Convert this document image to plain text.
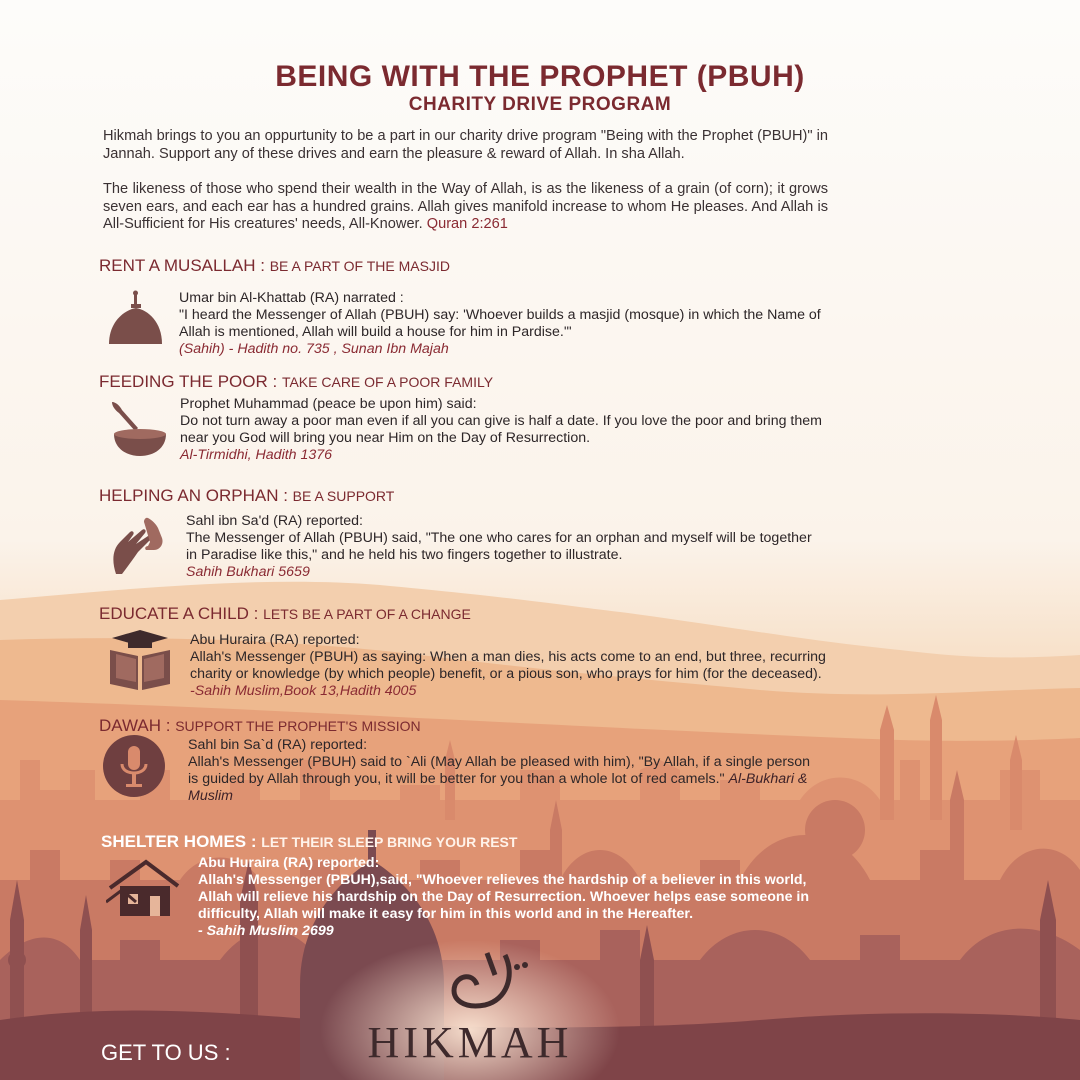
BEING WITH THE PROPHET (PBUH)
CHARITY DRIVE PROGRAM

Hikmah brings to you an oppurtunity to be a part in our charity drive program "Being with the Prophet (PBUH)" in Jannah. Support any of these drives and earn the pleasure & reward of Allah. In sha Allah.

The likeness of those who spend their wealth in the Way of Allah, is as the likeness of a grain (of corn); it grows seven ears, and each ear has a hundred grains. Allah gives manifold increase to whom He pleases. And Allah is All-Sufficient for His creatures' needs, All-Knower. Quran 2:261

RENT A MUSALLAH : BE A PART OF THE MASJID
Umar bin Al-Khattab (RA) narrated :
"I heard the Messenger of Allah (PBUH) say: 'Whoever builds a masjid (mosque) in which the Name of Allah is mentioned, Allah will build a house for him in Pardise.'"
(Sahih) - Hadith no. 735 , Sunan Ibn Majah
FEEDING THE POOR : TAKE CARE OF A POOR FAMILY
Prophet Muhammad (peace be upon him) said:
Do not turn away a poor man even if all you can give is half a date. If you love the poor and bring them near you God will bring you near Him on the Day of Resurrection.
Al-Tirmidhi, Hadith 1376
HELPING AN ORPHAN : BE A SUPPORT
Sahl ibn Sa'd (RA) reported:
The Messenger of Allah (PBUH) said, "The one who cares for an orphan and myself will be together in Paradise like this," and he held his two fingers together to illustrate.
Sahih Bukhari 5659
EDUCATE A CHILD : LETS BE A PART OF A CHANGE
Abu Huraira (RA) reported:
Allah's Messenger (PBUH) as saying: When a man dies, his acts come to an end, but three, recurring charity or knowledge (by which people) benefit, or a pious son, who prays for him (for the deceased). -Sahih Muslim,Book 13,Hadith 4005
DAWAH : SUPPORT THE PROPHET'S MISSION
Sahl bin Sa`d (RA) reported:
Allah's Messenger (PBUH) said to `Ali (May Allah be pleased with him), "By Allah, if a single person is guided by Allah through you, it will be better for you than a whole lot of red camels." Al-Bukhari & Muslim
SHELTER HOMES : LET THEIR SLEEP BRING YOUR REST
Abu Huraira (RA) reported:
Allah's Messenger (PBUH),said, "Whoever relieves the hardship of a believer in this world, Allah will relieve his hardship on the Day of Resurrection. Whoever helps ease someone in difficulty, Allah will make it easy for him in this world and in the Hereafter.
- Sahih Muslim 2699
GET TO US :	HIKMAH
